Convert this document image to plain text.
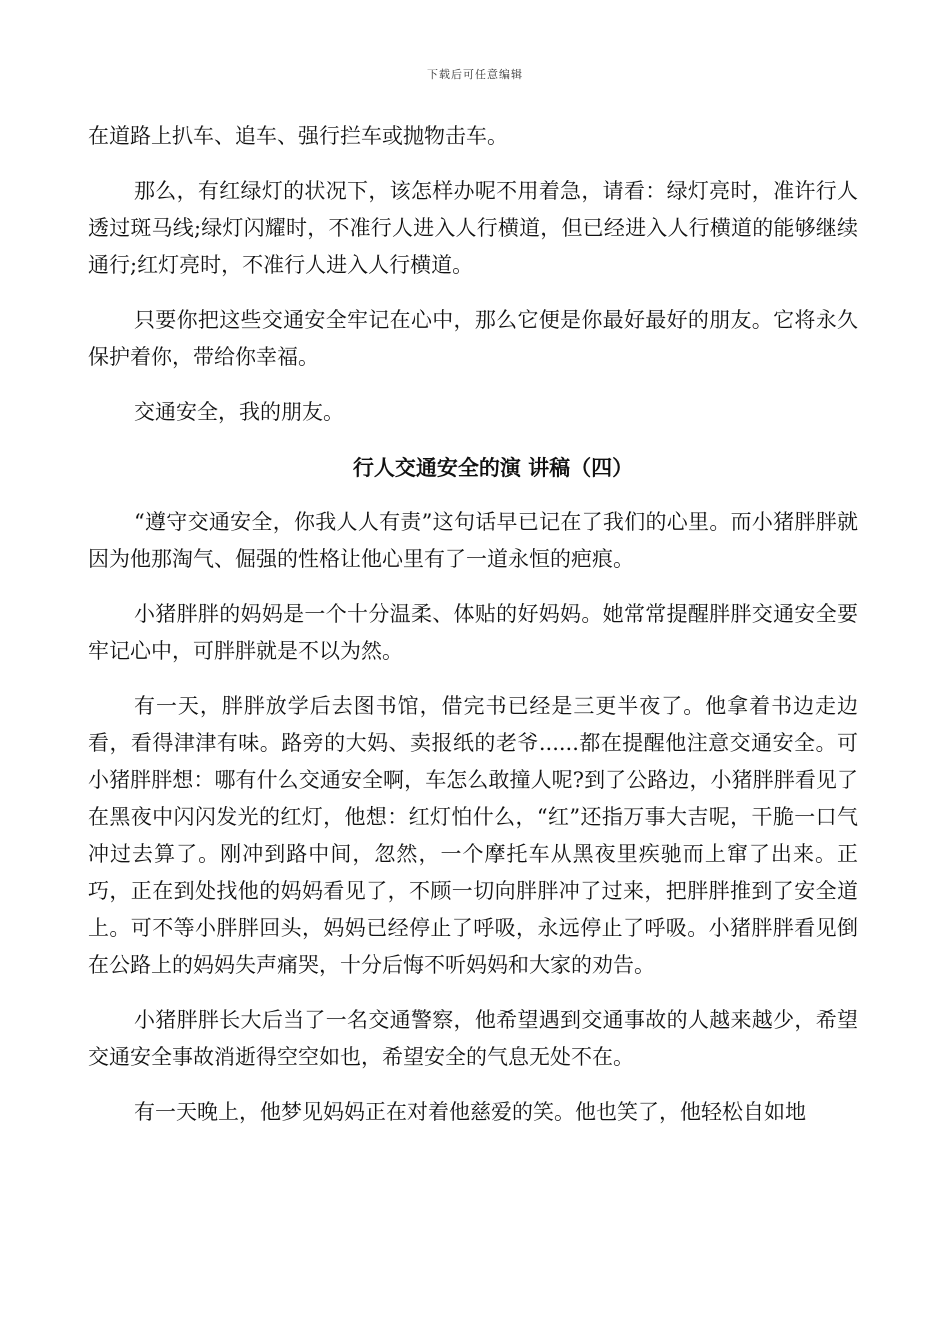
下载后可任意编辑

在道路上扒车、追车、强行拦车或抛物击车。

那么，有红绿灯的状况下，该怎样办呢不用着急，请看：绿灯亮时，准许行人透过斑马线;绿灯闪耀时，不准行人进入人行横道，但已经进入人行横道的能够继续通行;红灯亮时，不准行人进入人行横道。

只要你把这些交通安全牢记在心中，那么它便是你最好最好的朋友。它将永久保护着你，带给你幸福。

交通安全，我的朋友。

行人交通安全的演 讲稿（四）

“遵守交通安全，你我人人有责”这句话早已记在了我们的心里。而小猪胖胖就因为他那淘气、倔强的性格让他心里有了一道永恒的疤痕。

小猪胖胖的妈妈是一个十分温柔、体贴的好妈妈。她常常提醒胖胖交通安全要牢记心中，可胖胖就是不以为然。

有一天，胖胖放学后去图书馆，借完书已经是三更半夜了。他拿着书边走边看，看得津津有味。路旁的大妈、卖报纸的老爷......都在提醒他注意交通安全。可小猪胖胖想：哪有什么交通安全啊，车怎么敢撞人呢?到了公路边，小猪胖胖看见了在黑夜中闪闪发光的红灯，他想：红灯怕什么，“红”还指万事大吉呢，干脆一口气冲过去算了。刚冲到路中间，忽然，一个摩托车从黑夜里疾驰而上窜了出来。正巧，正在到处找他的妈妈看见了，不顾一切向胖胖冲了过来，把胖胖推到了安全道上。可不等小胖胖回头，妈妈已经停止了呼吸，永远停止了呼吸。小猪胖胖看见倒在公路上的妈妈失声痛哭，十分后悔不听妈妈和大家的劝告。

小猪胖胖长大后当了一名交通警察，他希望遇到交通事故的人越来越少，希望交通安全事故消逝得空空如也，希望安全的气息无处不在。

有一天晚上，他梦见妈妈正在对着他慈爱的笑。他也笑了，他轻松自如地
